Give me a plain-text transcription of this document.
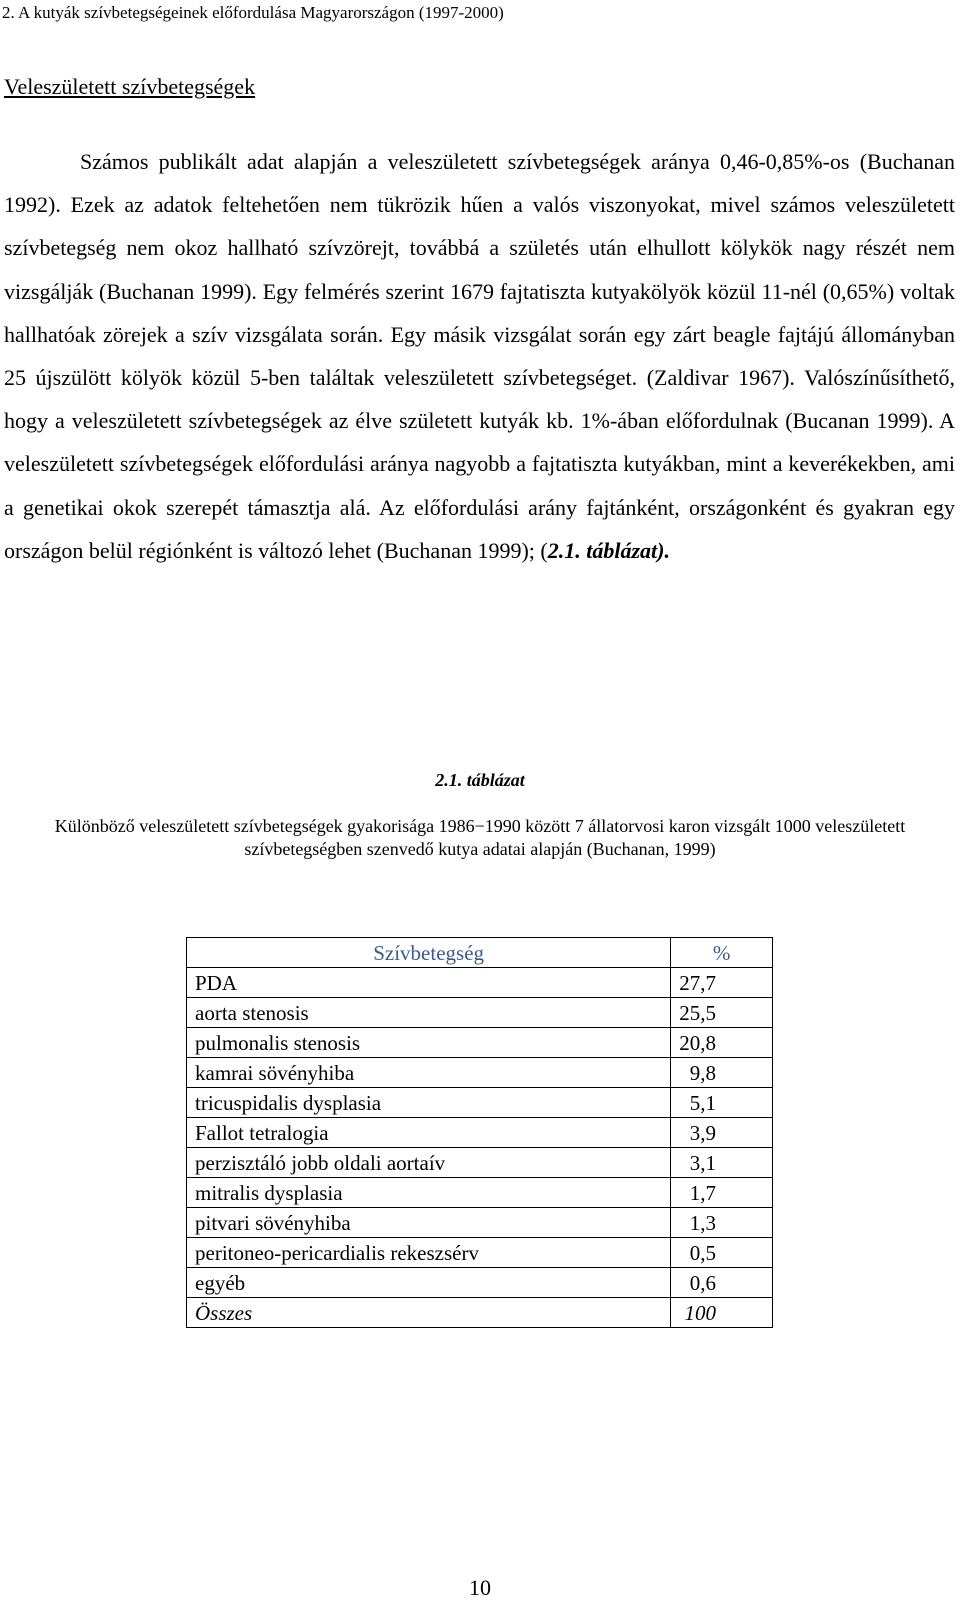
2. A kutyák szívbetegségeinek előfordulása Magyarországon (1997-2000)
Veleszületett szívbetegségek

Számos publikált adat alapján a veleszületett szívbetegségek aránya 0,46-0,85%-os (Buchanan 1992). Ezek az adatok feltehetően nem tükrözik hűen a valós viszonyokat, mivel számos veleszületett szívbetegség nem okoz hallható szívzörejt, továbbá a születés után elhullott kölykök nagy részét nem vizsgálják (Buchanan 1999). Egy felmérés szerint 1679 fajtatiszta kutyakölyök közül 11-nél (0,65%) voltak hallhatóak zörejek a szív vizsgálata során. Egy másik vizsgálat során egy zárt beagle fajtájú állományban 25 újszülött kölyök közül 5-ben találtak veleszületett szívbetegséget. (Zaldivar 1967). Valószínűsíthető, hogy a veleszületett szívbetegségek az élve született kutyák kb. 1%-ában előfordulnak (Bucanan 1999). A veleszületett szívbetegségek előfordulási aránya nagyobb a fajtatiszta kutyákban, mint a keverékekben, ami a genetikai okok szerepét támasztja alá. Az előfordulási arány fajtánként, országonként és gyakran egy országon belül régiónként is változó lehet (Buchanan 1999); (2.1. táblázat).

2.1. táblázat

Különböző veleszületett szívbetegségek gyakorisága 1986−1990 között 7 állatorvosi karon vizsgált 1000 veleszületett szívbetegségben szenvedő kutya adatai alapján (Buchanan, 1999)

Szívbetegség	%
PDA	27,7
aorta stenosis	25,5
pulmonalis stenosis	20,8
kamrai sövényhiba	9,8
tricuspidalis dysplasia	5,1
Fallot tetralogia	3,9
perzisztáló jobb oldali aortaív	3,1
mitralis dysplasia	1,7
pitvari sövényhiba	1,3
peritoneo-pericardialis rekeszsérv	0,5
egyéb	0,6
Összes	100
10
